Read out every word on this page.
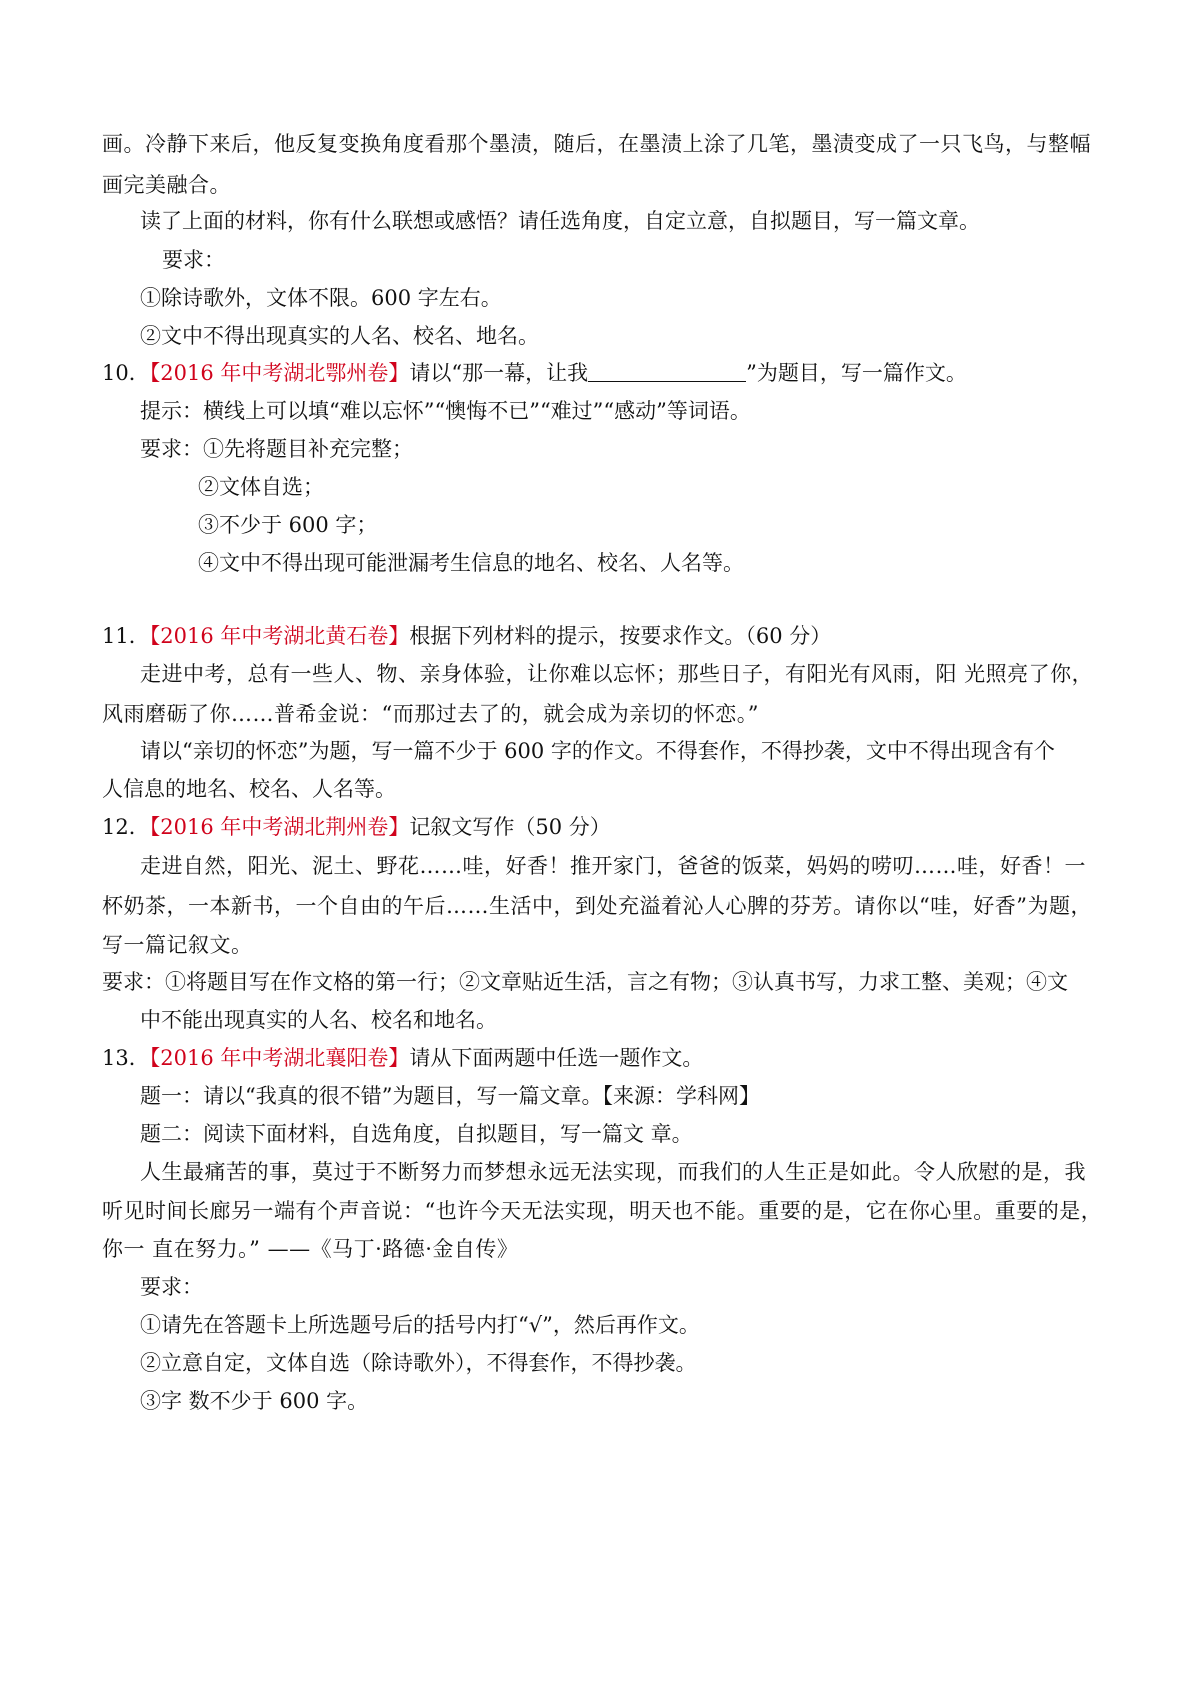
画。冷静下来后，他反复变换角度看那个墨渍，随后，在墨渍上涂了几笔，墨渍变成了一只飞鸟，与整幅
画完美融合。
读了上面的材料，你有什么联想或感悟？请任选角度，自定立意，自拟题目，写一篇文章。
要求：
①除诗歌外，文体不限。600 字左右。
②文中不得出现真实的人名、校名、地名。
10．【2016 年中考湖北鄂州卷】请以“那一幕，让我	”为题目，写一篇作文。
提示：横线上可以填“难以忘怀”“懊悔不已”“难过”“感动”等词语。
要求：①先将题目补充完整；
②文体自选；
③不少于 600 字；
④文中不得出现可能泄漏考生信息的地名、校名、人名等。
11．【2016 年中考湖北黄石卷】根据下列材料的提示，按要求作文。（60 分）
走进中考，总有一些人、物、亲身体验，让你难以忘怀；那些日子，有阳光有风雨，阳 光照亮了你，
风雨磨砺了你……普希金说：“而那过去了的，就会成为亲切的怀恋。”
请以“亲切的怀恋”为题，写一篇不少于 600 字的作文。不得套作，不得抄袭，文中不得出现含有个
人信息的地名、校名、人名等。
12．【2016 年中考湖北荆州卷】记叙文写作（50 分）
走进自然，阳光、泥土、野花……哇，好香！推开家门，爸爸的饭菜，妈妈的唠叨……哇，好香！一
杯奶茶，一本新书，一个自由的午后……生活中，到处充溢着沁人心脾的芬芳。请你以“哇，好香”为题，
写一篇记叙文。
要求：①将题目写在作文格的第一行；②文章贴近生活，言之有物；③认真书写，力求工整、美观；④文
中不能出现真实的人名、校名和地名。
13．【2016 年中考湖北襄阳卷】请从下面两题中任选一题作文。
题一：请以“我真的很不错”为题目，写一篇文章。【来源：学科网】
题二：阅读下面材料，自选角度，自拟题目，写一篇文 章。
人生最痛苦的事，莫过于不断努力而梦想永远无法实现，而我们的人生正是如此。令人欣慰的是，我
听见时间长廊另一端有个声音说：“也许今天无法实现，明天也不能。重要的是，它在你心里。重要的是，
你一 直在努力。” ——《马丁·路德·金自传》
要求：
①请先在答题卡上所选题号后的括号内打“√”，然后再作文。
②立意自定，文体自选（除诗歌外），不得套作，不得抄袭。
③字 数不少于 600 字。
